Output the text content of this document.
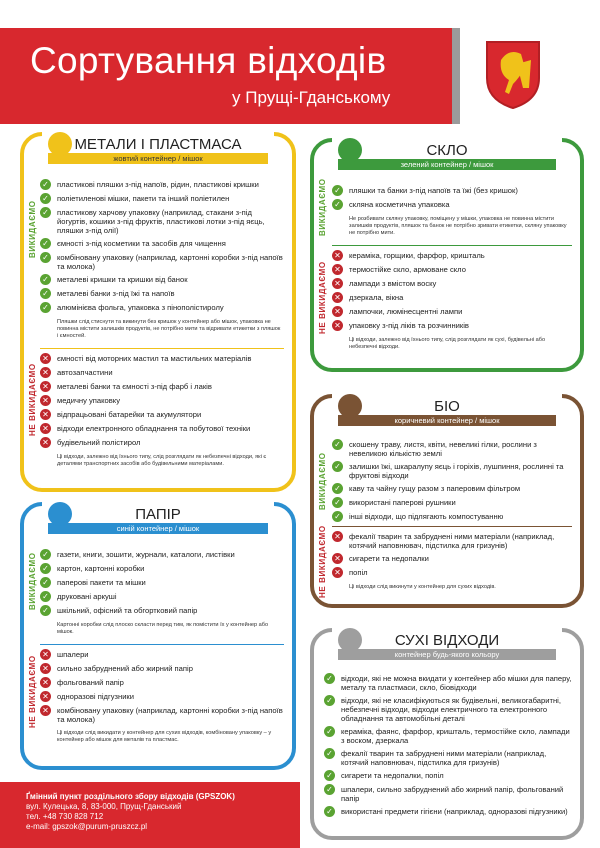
Сортування відходів
у Прущі-Гданському
МЕТАЛИ І ПЛАСТМАСА
жовтий контейнер / мішок
ВИКИДАЄМО
НЕ ВИКИДАЄМО
✓ пластикові пляшки з-під напоїв, рідин, пластикові кришки
✓ поліетиленові мішки, пакети та інший поліетилен
✓ пластикову харчову упаковку (наприклад, стакани з-під йогуртів, кошики з-під фруктів, пластикові лотки з-під яєць, пляшки з-під олії)
✓ ємності з-під косметики та засобів для чищення
✓ комбіновану упаковку (наприклад, картонні коробки з-під напоїв та молока)
✓ металеві кришки та кришки від банок
✓ металеві банки з-під їжі та напоїв
✓ алюмінієва фольга, упаковка з пінополістиролу
Пляшки слід стиснути та викинути без кришок у контейнер або мішок, упаковка не повинна містити залишків продуктів, не потрібно мити та відривати етикетки з пляшок і ємностей.
✕ ємності від моторних мастил та мастильних матеріалів
✕ автозапчастини
✕ металеві банки та ємності з-під фарб і лаків
✕ медичну упаковку
✕ відпрацьовані батарейки та акумулятори
✕ відходи електронного обладнання та побутової техніки
✕ будівельний полістирол
Ці відходи, залежно від їхнього типу, слід розглядати як небезпечні відходи, які є деталями транспортних засобів або будівельними матеріалами.
ПАПІР
синій контейнер / мішок
ВИКИДАЄМО
НЕ ВИКИДАЄМО
✓ газети, книги, зошити, журнали, каталоги, листівки
✓ картон, картонні коробки
✓ паперові пакети та мішки
✓ друковані аркуші
✓ шкільний, офісний та обгортковий папір
Картонні коробки слід плоско скласти перед тим, як помістити їх у контейнер або мішок.
✕ шпалери
✕ сильно забруднений або жирний папір
✕ фольгований папір
✕ одноразові підгузники
✕ комбіновану упаковку (наприклад, картонні коробки з-під напоїв та молока)
Ці відходи слід викидати у контейнер для сухих відходів, комбіновану упаковку – у контейнер або мішок для металів та пластмас.
СКЛО
зелений контейнер / мішок
ВИКИДАЄМО
НЕ ВИКИДАЄМО
✓ пляшки та банки з-під напоїв та їжі (без кришок)
✓ скляна косметична упаковка
Не розбивати скляну упаковку, поміщену у мішки, упаковка не повинна містити залишків продуктів, пляшок та банок не потрібно зривати етикетки, скляну упаковку не потрібно мити.
✕ кераміка, горщики, фарфор, кришталь
✕ термостійке скло, армоване скло
✕ лампади з вмістом воску
✕ дзеркала, вікна
✕ лампочки, люмінесцентні лампи
✕ упаковку з-під ліків та розчинників
Ці відходи, залежно від їхнього типу, слід розглядати як сухі, будівельні або небезпечні відходи.
БІО
коричневий контейнер / мішок
ВИКИДАЄМО
НЕ ВИКИДАЄМО
✓ скошену траву, листя, квіти, невеликі гілки, рослини з невеликою кількістю землі
✓ залишки їжі, шкаралупу яєць і горіхів, лушпиння, рослинні та фруктові відходи
✓ каву та чайну гущу разом з паперовим фільтром
✓ використані паперові рушники
✓ інші відходи, що підлягають компостуванню
✕ фекалії тварин та забруднені ними матеріали (наприклад, котячий наповнювач, підстилка для гризунів)
✕ сигарети та недопалки
✕ попіл
Ці відходи слід викинути у контейнер для сухих відходів.
СУХІ ВІДХОДИ
контейнер будь-якого кольору
✓ відходи, які не можна вкидати у контейнер або мішки для паперу, металу та пластмаси, скло, біовідходи
✓ відходи, які не класифікуються як будівельні, великогабаритні, небезпечні відходи, відходи електричного та електронного обладнання та автомобільні деталі
✓ кераміка, фаянс, фарфор, кришталь, термостійке скло, лампади з воском, дзеркала
✓ фекалії тварин та забруднені ними матеріали (наприклад, котячий наповнювач, підстилка для гризунів)
✓ сигарети та недопалки, попіл
✓ шпалери, сильно забруднений або жирний папір, фольгований папір
✓ використані предмети гігієни (наприклад, одноразові підгузники)
Ґмінний пункт роздільного збору відходів (GPSZOK)
вул. Кулецька, 8, 83-000, Прущ-Гданський
тел. +48 730 828 712
e-mail: gpszok@purum-pruszcz.pl
